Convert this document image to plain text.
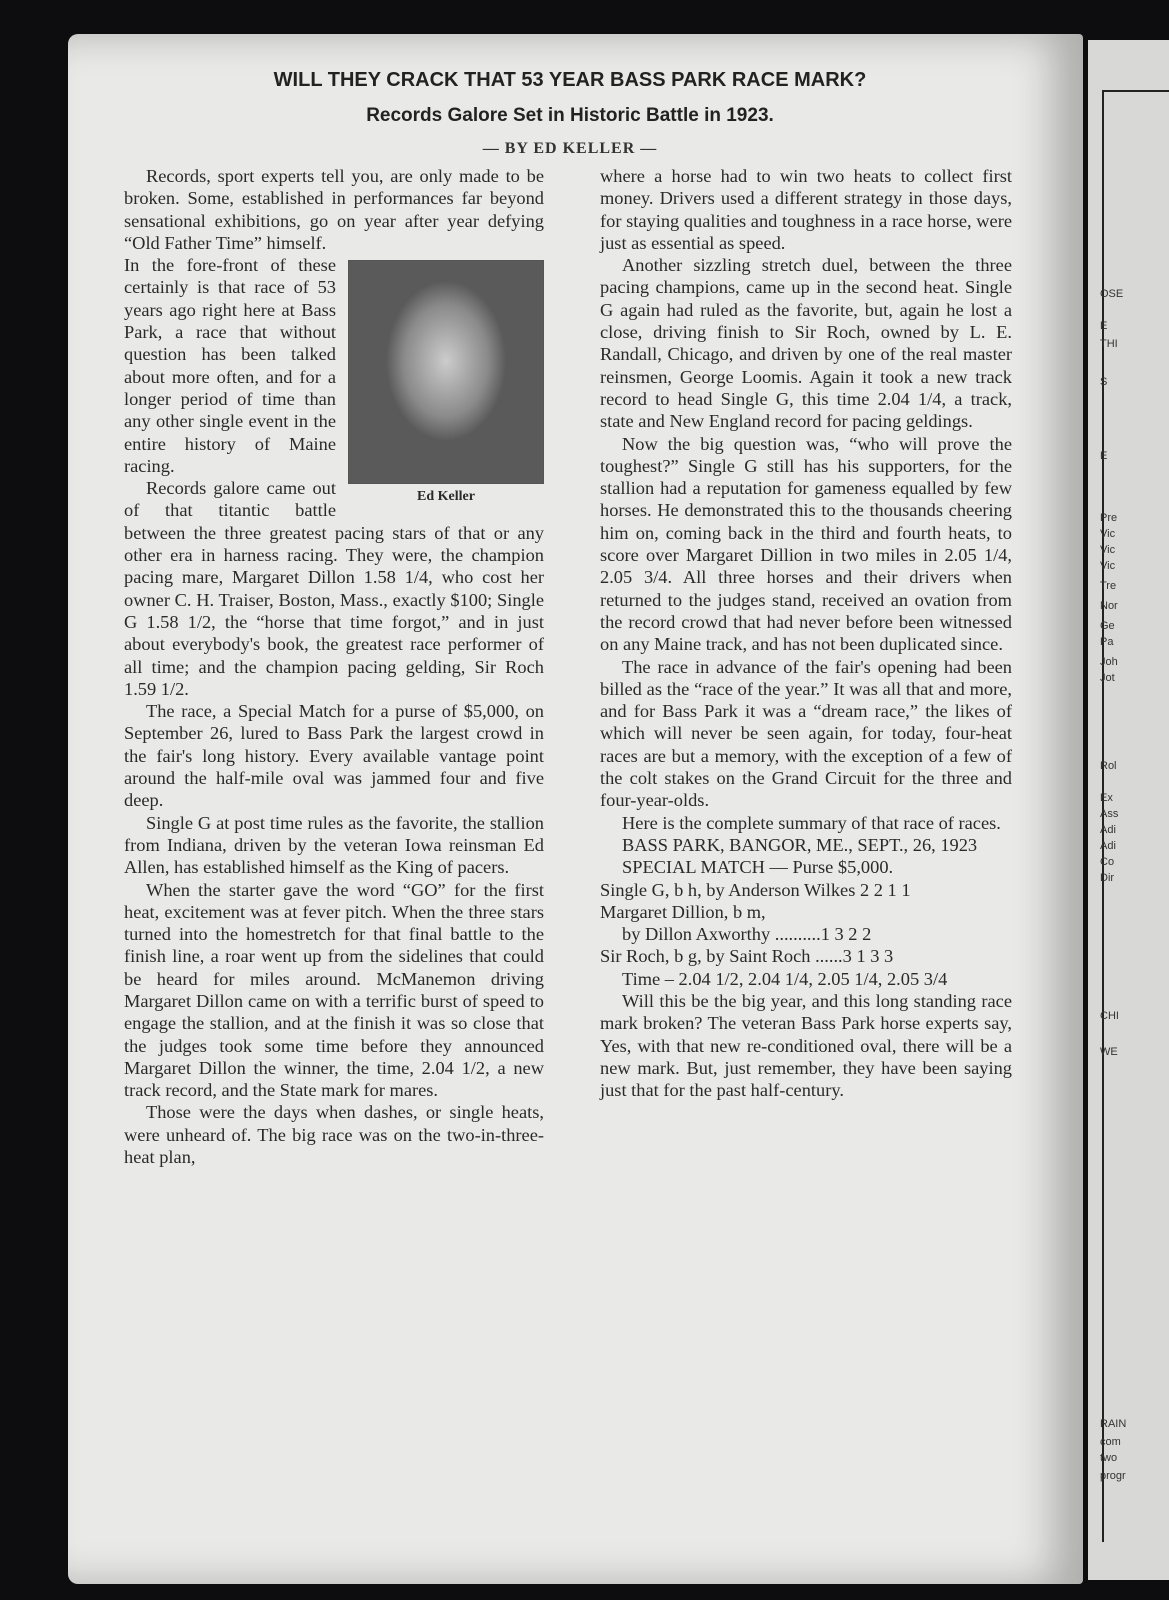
OSE
E
THI
S
E
Pre
Vic
Vic
Vic
Tre
Nor
Ge
Pa
Joh
Jot
Rol
Ex
Ass
Adi
Adi
Co
Dir
CHI
WE
RAIN
com
two
progr
WILL THEY CRACK THAT 53 YEAR BASS PARK RACE MARK?
Records Galore Set in Historic Battle in 1923.
— BY ED KELLER —

Records, sport experts tell you, are only made to be broken. Some, established in performances far beyond sensational exhibitions, go on year after year defying “Old Father Time” himself.

Ed Keller

In the fore-front of these certainly is that race of 53 years ago right here at Bass Park, a race that without question has been talked about more often, and for a longer period of time than any other single event in the entire history of Maine racing.

Records galore came out of that titantic battle between the three greatest pacing stars of that or any other era in harness racing. They were, the champion pacing mare, Margaret Dillon 1.58 1/4, who cost her owner C. H. Traiser, Boston, Mass., exactly $100; Single G 1.58 1/2, the “horse that time forgot,” and in just about everybody's book, the greatest race performer of all time; and the champion pacing gelding, Sir Roch 1.59 1/2.

The race, a Special Match for a purse of $5,000, on September 26, lured to Bass Park the largest crowd in the fair's long history. Every available vantage point around the half-mile oval was jammed four and five deep.

Single G at post time rules as the favorite, the stallion from Indiana, driven by the veteran Iowa reinsman Ed Allen, has established himself as the King of pacers.

When the starter gave the word “GO” for the first heat, excitement was at fever pitch. When the three stars turned into the homestretch for that final battle to the finish line, a roar went up from the sidelines that could be heard for miles around. McManemon driving Margaret Dillon came on with a terrific burst of speed to engage the stallion, and at the finish it was so close that the judges took some time before they announced Margaret Dillon the winner, the time, 2.04 1/2, a new track record, and the State mark for mares.

Those were the days when dashes, or single heats, were unheard of. The big race was on the two-in-three-heat plan,

where a horse had to win two heats to collect first money. Drivers used a different strategy in those days, for staying qualities and toughness in a race horse, were just as essential as speed.

Another sizzling stretch duel, between the three pacing champions, came up in the second heat. Single G again had ruled as the favorite, but, again he lost a close, driving finish to Sir Roch, owned by L. E. Randall, Chicago, and driven by one of the real master reinsmen, George Loomis. Again it took a new track record to head Single G, this time 2.04 1/4, a track, state and New England record for pacing geldings.

Now the big question was, “who will prove the toughest?” Single G still has his supporters, for the stallion had a reputation for gameness equalled by few horses. He demonstrated this to the thousands cheering him on, coming back in the third and fourth heats, to score over Margaret Dillion in two miles in 2.05 1/4, 2.05 3/4. All three horses and their drivers when returned to the judges stand, received an ovation from the record crowd that had never before been witnessed on any Maine track, and has not been duplicated since.

The race in advance of the fair's opening had been billed as the “race of the year.” It was all that and more, and for Bass Park it was a “dream race,” the likes of which will never be seen again, for today, four-heat races are but a memory, with the exception of a few of the colt stakes on the Grand Circuit for the three and four-year-olds.

Here is the complete summary of that race of races.

BASS PARK, BANGOR, ME., SEPT., 26, 1923

SPECIAL MATCH — Purse $5,000.

Single G, b h, by Anderson Wilkes 2 2 1 1

Margaret Dillion, b m,

by Dillon Axworthy ..........1 3 2 2

Sir Roch, b g, by Saint Roch ......3 1 3 3

Time – 2.04 1/2, 2.04 1/4, 2.05 1/4, 2.05 3/4

Will this be the big year, and this long standing race mark broken? The veteran Bass Park horse experts say, Yes, with that new re-conditioned oval, there will be a new mark. But, just remember, they have been saying just that for the past half-century.
